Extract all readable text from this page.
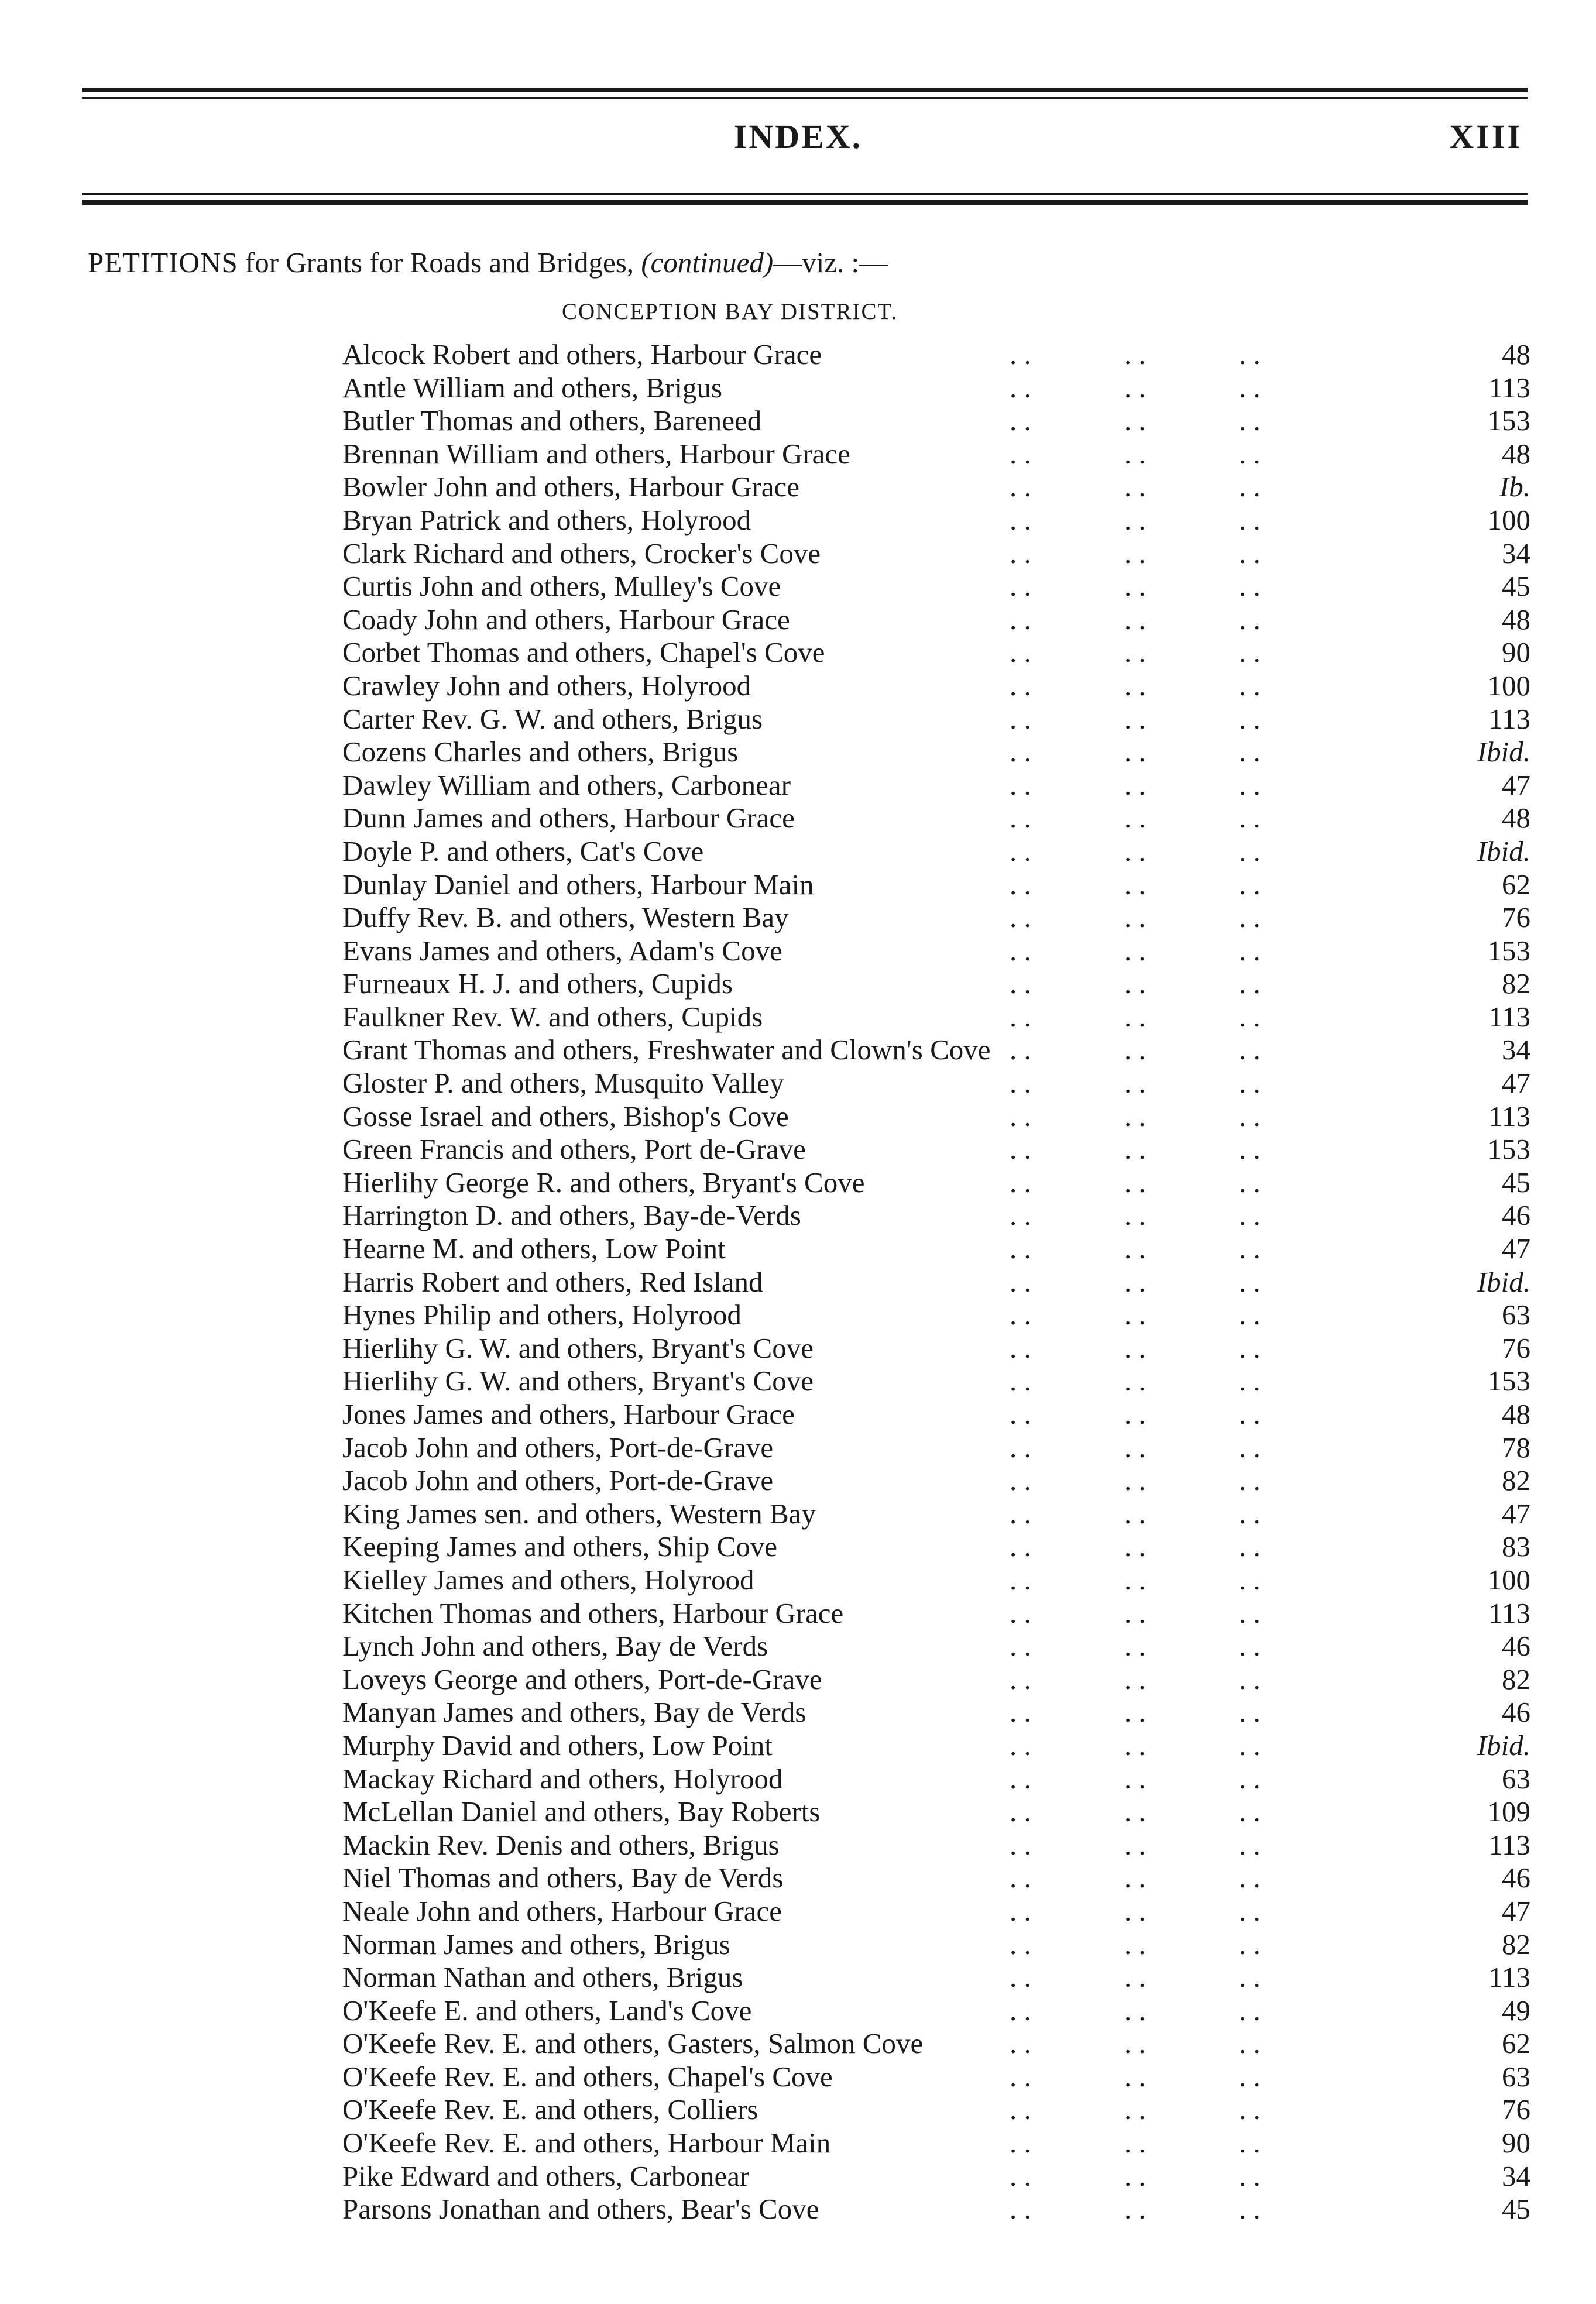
INDEX.	XIII
PETITIONS for Grants for Roads and Bridges, (continued)—viz. :—
CONCEPTION BAY DISTRICT.
Alcock Robert and others, Harbour Grace	. .             . .             . .	48
Antle William and others, Brigus	. .             . .             . .	113
Butler Thomas and others, Bareneed	. .             . .             . .	153
Brennan William and others, Harbour Grace	. .             . .             . .	48
Bowler John and others, Harbour Grace	. .             . .             . .	Ib.
Bryan Patrick and others, Holyrood	. .             . .             . .	100
Clark Richard and others, Crocker's Cove	. .             . .             . .	34
Curtis John and others, Mulley's Cove	. .             . .             . .	45
Coady John and others, Harbour Grace	. .             . .             . .	48
Corbet Thomas and others, Chapel's Cove	. .             . .             . .	90
Crawley John and others, Holyrood	. .             . .             . .	100
Carter Rev. G. W. and others, Brigus	. .             . .             . .	113
Cozens Charles and others, Brigus	. .             . .             . .	Ibid.
Dawley William and others, Carbonear	. .             . .             . .	47
Dunn James and others, Harbour Grace	. .             . .             . .	48
Doyle P. and others, Cat's Cove	. .             . .             . .	Ibid.
Dunlay Daniel and others, Harbour Main	. .             . .             . .	62
Duffy Rev. B. and others, Western Bay	. .             . .             . .	76
Evans James and others, Adam's Cove	. .             . .             . .	153
Furneaux H. J. and others, Cupids	. .             . .             . .	82
Faulkner Rev. W. and others, Cupids	. .             . .             . .	113
Grant Thomas and others, Freshwater and Clown's Cove . .             . .             . .	34
Gloster P. and others, Musquito Valley	. .             . .             . .	47
Gosse Israel and others, Bishop's Cove	. .             . .             . .	113
Green Francis and others, Port de-Grave	. .             . .             . .	153
Hierlihy George R. and others, Bryant's Cove	. .             . .             . .	45
Harrington D. and others, Bay-de-Verds	. .             . .             . .	46
Hearne M. and others, Low Point	. .             . .             . .	47
Harris Robert and others, Red Island	. .             . .             . .	Ibid.
Hynes Philip and others, Holyrood	. .             . .             . .	63
Hierlihy G. W. and others, Bryant's Cove	. .             . .             . .	76
Hierlihy G. W. and others, Bryant's Cove	. .             . .             . .	153
Jones James and others, Harbour Grace	. .             . .             . .	48
Jacob John and others, Port-de-Grave	. .             . .             . .	78
Jacob John and others, Port-de-Grave	. .             . .             . .	82
King James sen. and others, Western Bay	. .             . .             . .	47
Keeping James and others, Ship Cove	. .             . .             . .	83
Kielley James and others, Holyrood	. .             . .             . .	100
Kitchen Thomas and others, Harbour Grace	. .             . .             . .	113
Lynch John and others, Bay de Verds	. .             . .             . .	46
Loveys George and others, Port-de-Grave	. .             . .             . .	82
Manyan James and others, Bay de Verds	. .             . .             . .	46
Murphy David and others, Low Point	. .             . .             . .	Ibid.
Mackay Richard and others, Holyrood	. .             . .             . .	63
McLellan Daniel and others, Bay Roberts	. .             . .             . .	109
Mackin Rev. Denis and others, Brigus	. .             . .             . .	113
Niel Thomas and others, Bay de Verds	. .             . .             . .	46
Neale John and others, Harbour Grace	. .             . .             . .	47
Norman James and others, Brigus	. .             . .             . .	82
Norman Nathan and others, Brigus	. .             . .             . .	113
O'Keefe E. and others, Land's Cove	. .             . .             . .	49
O'Keefe Rev. E. and others, Gasters, Salmon Cove	. .             . .             . .	62
O'Keefe Rev. E. and others, Chapel's Cove	. .             . .             . .	63
O'Keefe Rev. E. and others, Colliers	. .             . .             . .	76
O'Keefe Rev. E. and others, Harbour Main	. .             . .             . .	90
Pike Edward and others, Carbonear	. .             . .             . .	34
Parsons Jonathan and others, Bear's Cove	. .             . .             . .	45
